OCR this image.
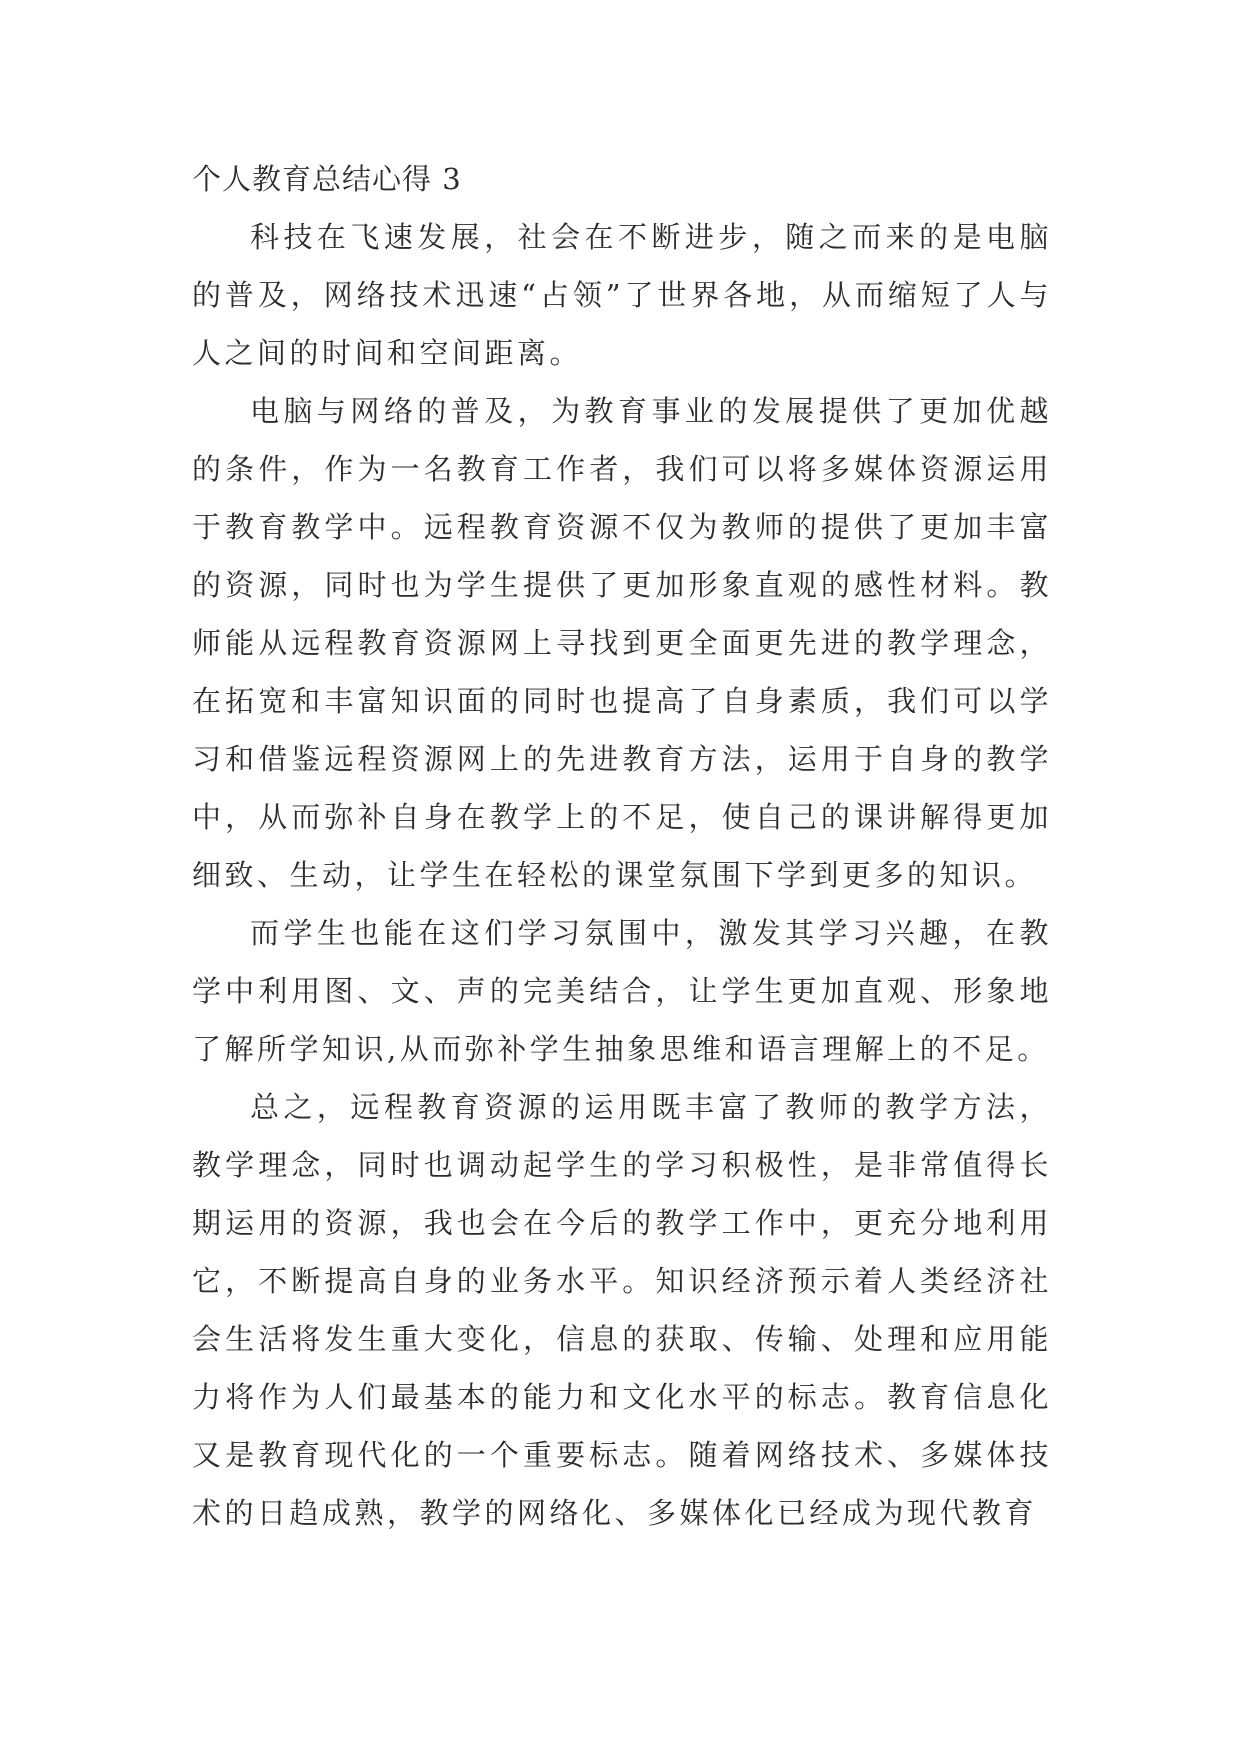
个人教育总结心得 3

科技在飞速发展，社会在不断进步，随之而来的是电脑的普及，网络技术迅速“占领”了世界各地，从而缩短了人与人之间的时间和空间距离。

电脑与网络的普及，为教育事业的发展提供了更加优越的条件，作为一名教育工作者，我们可以将多媒体资源运用于教育教学中。远程教育资源不仅为教师的提供了更加丰富的资源，同时也为学生提供了更加形象直观的感性材料。教师能从远程教育资源网上寻找到更全面更先进的教学理念，在拓宽和丰富知识面的同时也提高了自身素质，我们可以学习和借鉴远程资源网上的先进教育方法，运用于自身的教学中，从而弥补自身在教学上的不足，使自己的课讲解得更加细致、生动，让学生在轻松的课堂氛围下学到更多的知识。

而学生也能在这们学习氛围中，激发其学习兴趣，在教学中利用图、文、声的完美结合，让学生更加直观、形象地了解所学知识,从而弥补学生抽象思维和语言理解上的不足。

总之，远程教育资源的运用既丰富了教师的教学方法，教学理念，同时也调动起学生的学习积极性，是非常值得长期运用的资源，我也会在今后的教学工作中，更充分地利用它，不断提高自身的业务水平。知识经济预示着人类经济社会生活将发生重大变化，信息的获取、传输、处理和应用能力将作为人们最基本的能力和文化水平的标志。教育信息化又是教育现代化的一个重要标志。随着网络技术、多媒体技术的日趋成熟，教学的网络化、多媒体化已经成为现代教育
